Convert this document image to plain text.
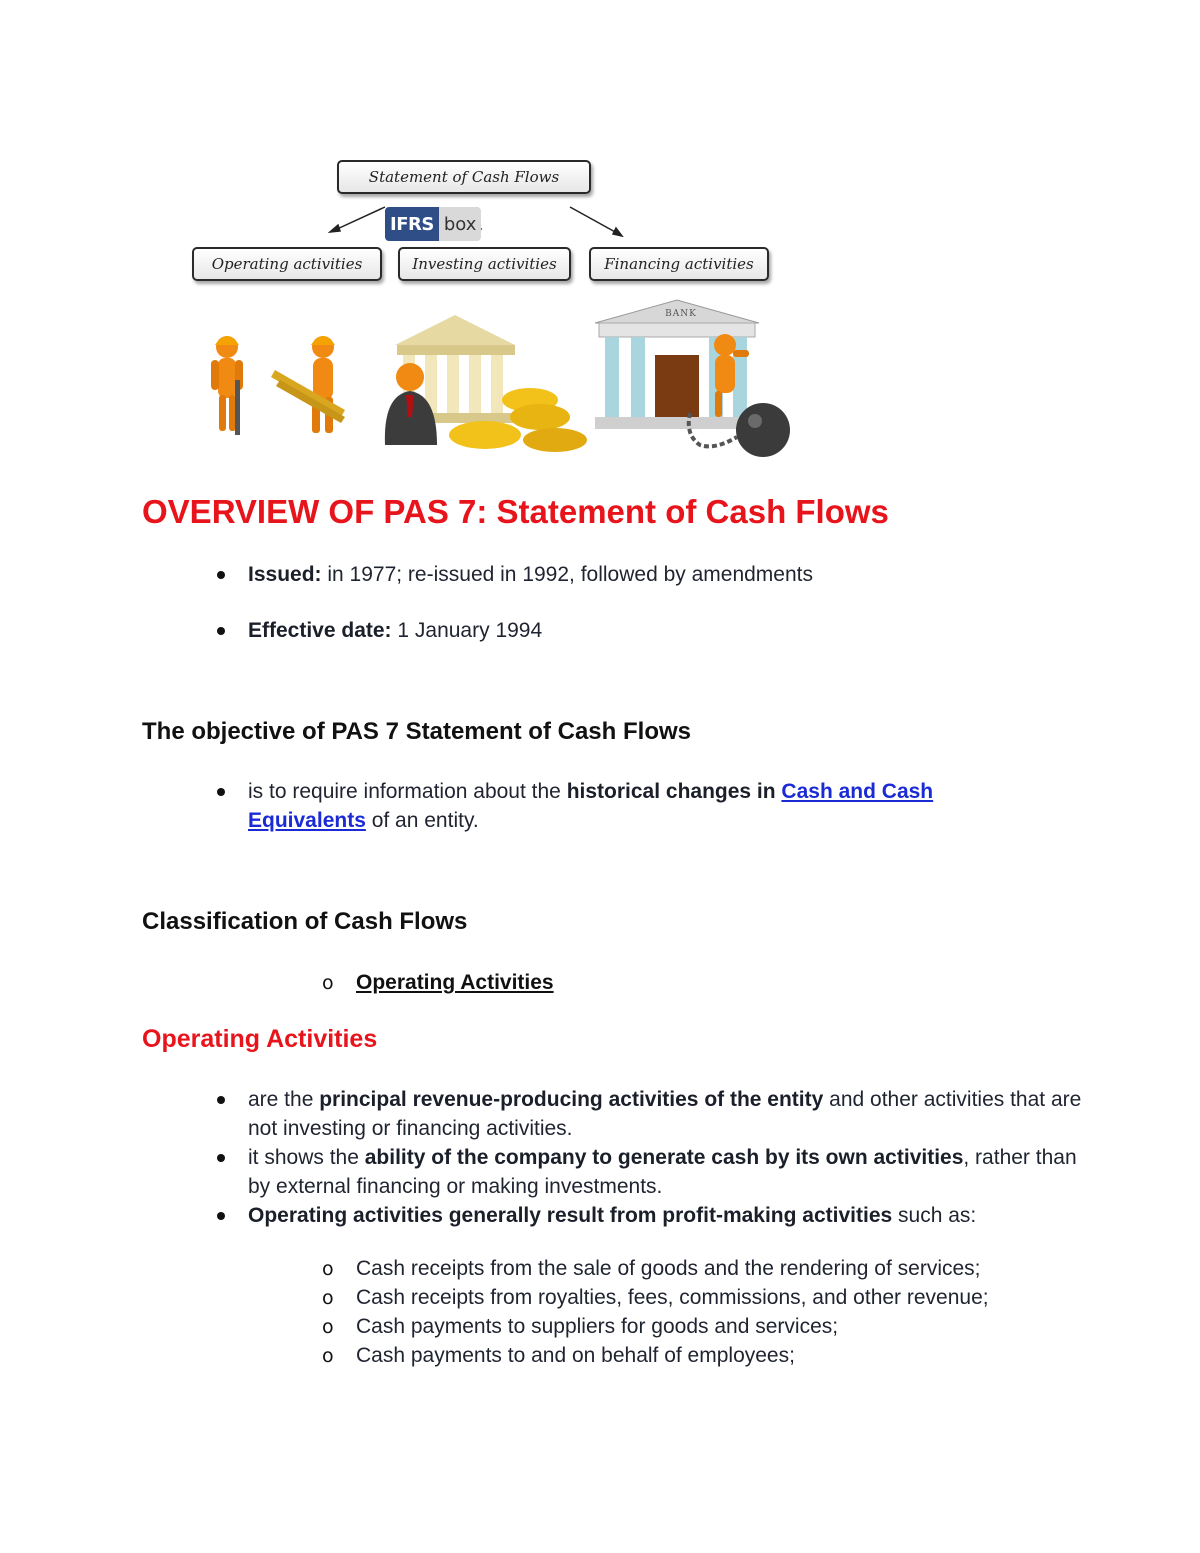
Statement of Cash Flows
IFRS box
Operating activities	Investing activities	Financing activities
BANK
OVERVIEW OF PAS 7: Statement of Cash Flows
Issued: in 1977; re-issued in 1992, followed by amendments
Effective date: 1 January 1994
The objective of PAS 7 Statement of Cash Flows
is to require information about the historical changes in Cash and Cash Equivalents of an entity.
Classification of Cash Flows
o Operating Activities
Operating Activities
are the principal revenue-producing activities of the entity and other activities that are not investing or financing activities.
it shows the ability of the company to generate cash by its own activities, rather than by external financing or making investments.
Operating activities generally result from profit-making activities such as:
o Cash receipts from the sale of goods and the rendering of services;
o Cash receipts from royalties, fees, commissions, and other revenue;
o Cash payments to suppliers for goods and services;
o Cash payments to and on behalf of employees;
